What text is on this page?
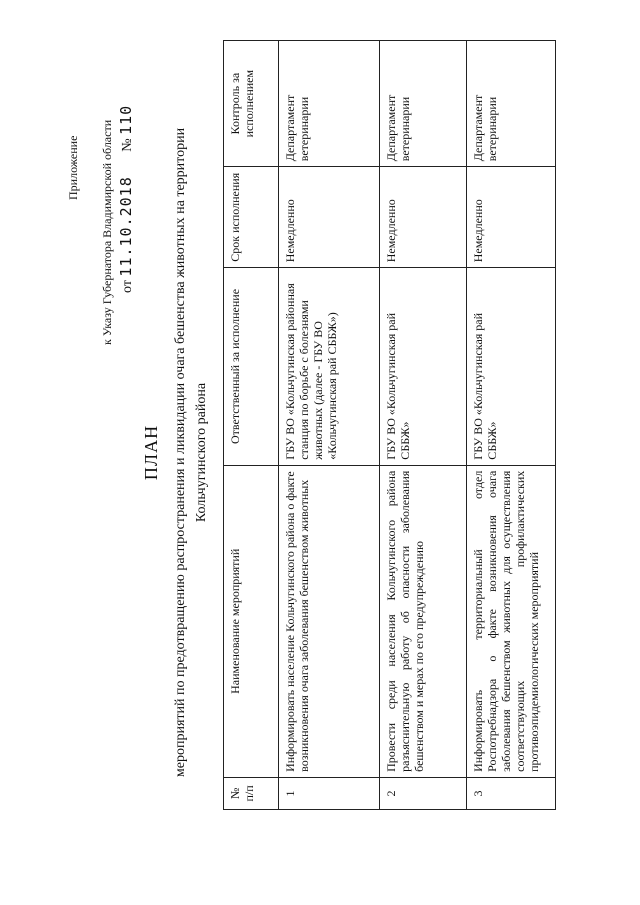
Приложение к Указу Губернатора Владимирской области от 11.10.2018       № 110
ПЛАН мероприятий по предотвращению распространения и ликвидации очага бешенства животных на территории Кольчугинского района
№ п/п	Наименование мероприятий	Ответственный за исполнение	Срок исполнения	Контроль за исполнением
1	Информировать население Кольчугинского района о факте возникновения очага заболевания бешенством животных	ГБУ ВО «Кольчугинская районная станция по борьбе с болезнями животных (далее - ГБУ ВО «Кольчугинская рай СББЖ»)	Немедленно	Департамент ветеринарии
2	Провести среди населения Кольчугинского района разъяснительную работу об опасности заболевания бешенством и мерах по его предупреждению	ГБУ ВО «Кольчугинская рай СББЖ»	Немедленно	Департамент ветеринарии
3	Информировать территориальный отдел Роспотребнадзора о факте возникновения очага заболевания бешенством животных для осуществления соответствующих профилактических противоэпидемиологических мероприятий	ГБУ ВО «Кольчугинская рай СББЖ»	Немедленно	Департамент ветеринарии
